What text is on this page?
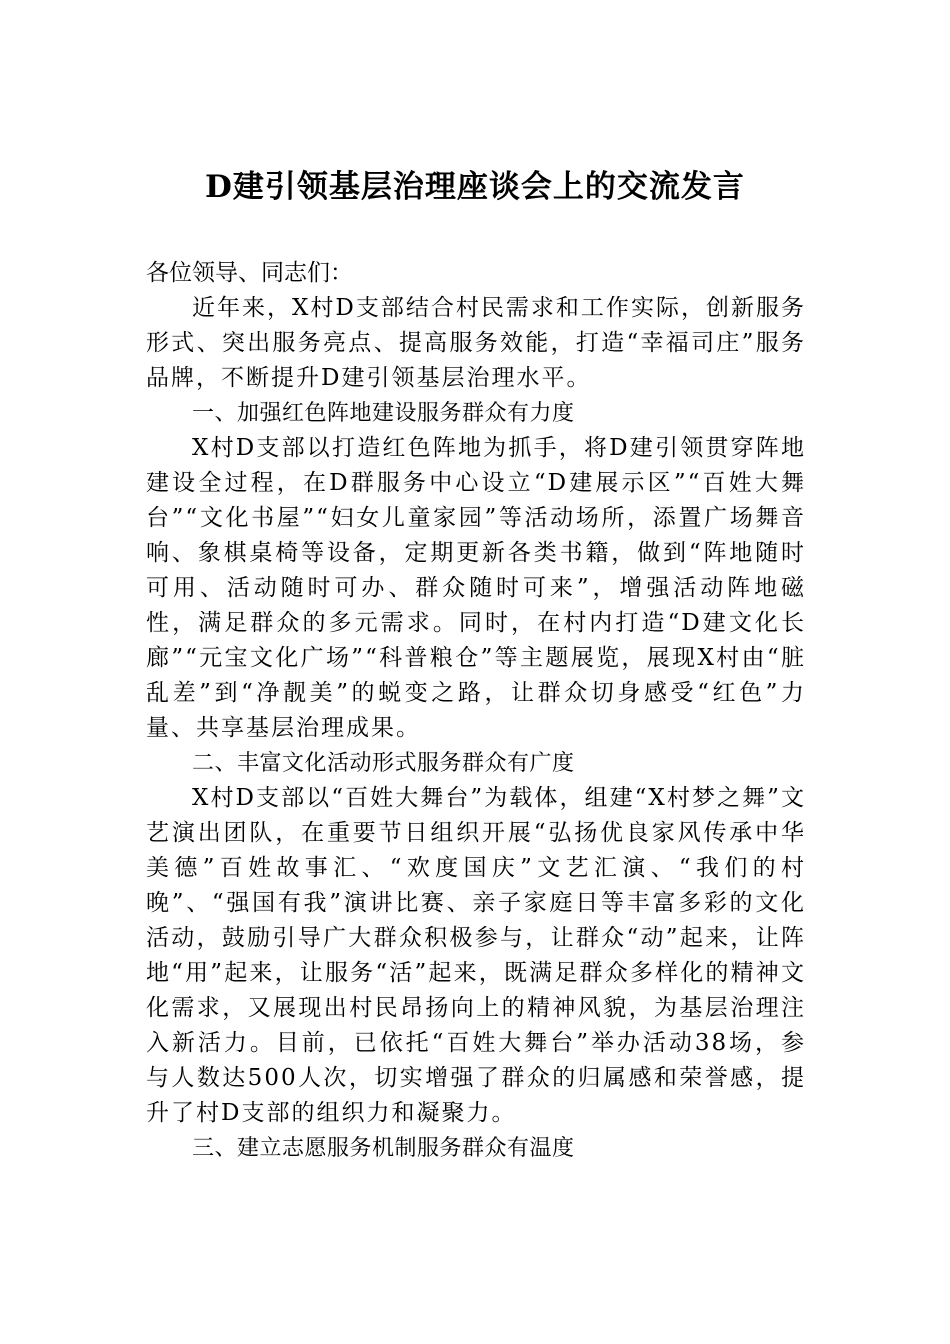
D建引领基层治理座谈会上的交流发言

各位领导、同志们：

近年来，X村D支部结合村民需求和工作实际，创新服务形式、突出服务亮点、提高服务效能，打造“幸福司庄”服务品牌，不断提升D建引领基层治理水平。

一、加强红色阵地建设服务群众有力度

X村D支部以打造红色阵地为抓手，将D建引领贯穿阵地建设全过程，在D群服务中心设立“D建展示区”“百姓大舞台”“文化书屋”“妇女儿童家园”等活动场所，添置广场舞音响、象棋桌椅等设备，定期更新各类书籍，做到“阵地随时可用、活动随时可办、群众随时可来”，增强活动阵地磁性，满足群众的多元需求。同时，在村内打造“D建文化长廊”“元宝文化广场”“科普粮仓”等主题展览，展现X村由“脏乱差”到“净靓美”的蜕变之路，让群众切身感受“红色”力量、共享基层治理成果。

二、丰富文化活动形式服务群众有广度

X村D支部以“百姓大舞台”为载体，组建“X村梦之舞”文艺演出团队，在重要节日组织开展“弘扬优良家风传承中华美德”百姓故事汇、“欢度国庆”文艺汇演、“我们的村晚”、“强国有我”演讲比赛、亲子家庭日等丰富多彩的文化活动，鼓励引导广大群众积极参与，让群众“动”起来，让阵地“用”起来，让服务“活”起来，既满足群众多样化的精神文化需求，又展现出村民昂扬向上的精神风貌，为基层治理注入新活力。目前，已依托“百姓大舞台”举办活动38场，参与人数达500人次，切实增强了群众的归属感和荣誉感，提升了村D支部的组织力和凝聚力。

三、建立志愿服务机制服务群众有温度
